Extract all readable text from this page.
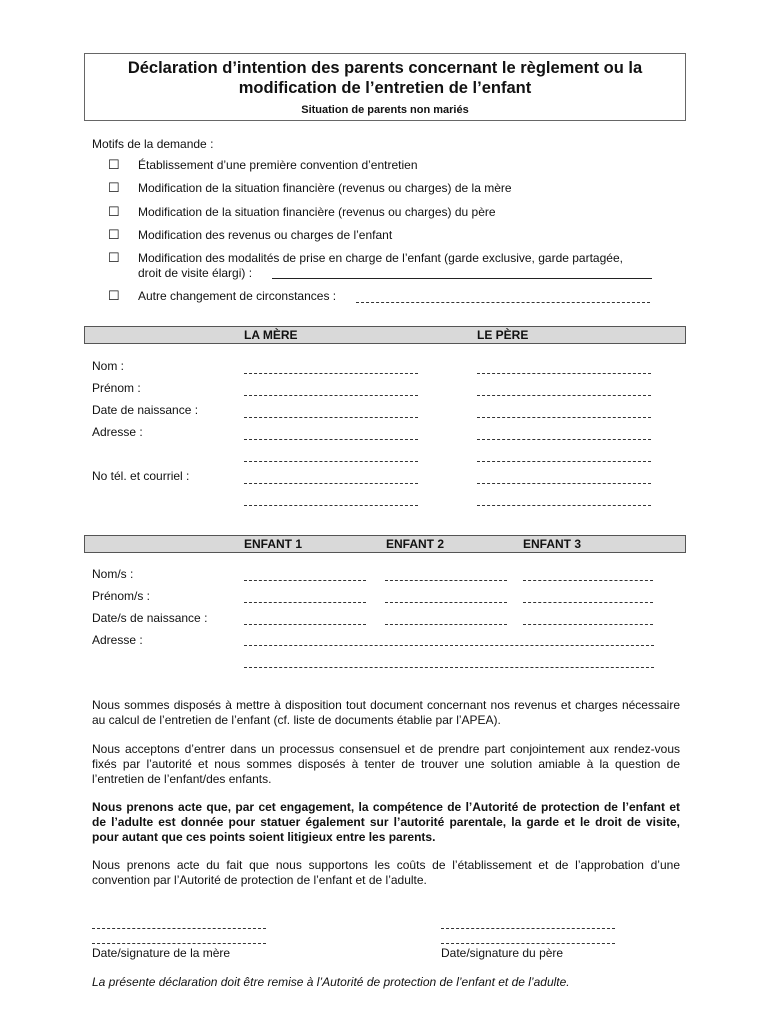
Déclaration d’intention des parents concernant le règlement ou la modification de l’entretien de l’enfant
Situation de parents non mariés
Motifs de la demande :
☐ Établissement d’une première convention d’entretien
☐ Modification de la situation financière (revenus ou charges) de la mère
☐ Modification de la situation financière (revenus ou charges) du père
☐ Modification des revenus ou charges de l’enfant
☐ Modification des modalités de prise en charge de l’enfant (garde exclusive, garde partagée,
droit de visite élargi) :
☐ Autre changement de circonstances :
LA MÈRE	LE PÈRE
Nom :
Prénom :
Date de naissance :
Adresse :
No tél. et courriel :
ENFANT 1	ENFANT 2	ENFANT 3
Nom/s :
Prénom/s :
Date/s de naissance :
Adresse :
Nous sommes disposés à mettre à disposition tout document concernant nos revenus et charges nécessaire au calcul de l’entretien de l’enfant (cf. liste de documents établie par l’APEA).
Nous acceptons d’entrer dans un processus consensuel et de prendre part conjointement aux rendez-vous fixés par l’autorité et nous sommes disposés à tenter de trouver une solution amiable à la question de l’entretien de l’enfant/des enfants.
Nous prenons acte que, par cet engagement, la compétence de l’Autorité de protection de l’enfant et de l’adulte est donnée pour statuer également sur l’autorité parentale, la garde et le droit de visite, pour autant que ces points soient litigieux entre les parents.
Nous prenons acte du fait que nous supportons les coûts de l’établissement et de l’approbation d’une convention par l’Autorité de protection de l’enfant et de l’adulte.
Date/signature de la mère	Date/signature du père
La présente déclaration doit être remise à l’Autorité de protection de l’enfant et de l’adulte.
